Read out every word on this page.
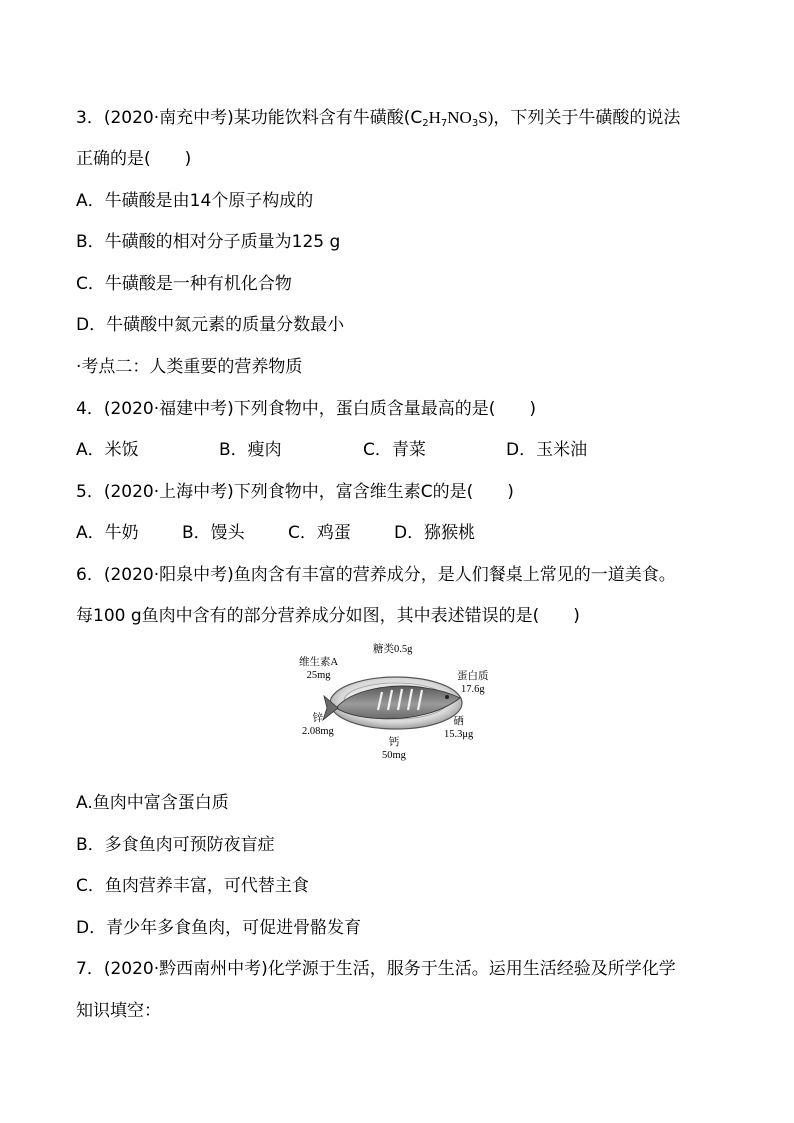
3．(2020·南充中考)某功能饮料含有牛磺酸$(C_2H_7NO_3S)$，下列关于牛磺酸的说法
正确的是(　　)
A．牛磺酸是由14个原子构成的
B．牛磺酸的相对分子质量为125 g
C．牛磺酸是一种有机化合物
D．牛磺酸中氮元素的质量分数最小
·考点二：人类重要的营养物质
4．(2020·福建中考)下列食物中，蛋白质含量最高的是(　　)
A．米饭	B．瘦肉	C．青菜	D．玉米油
5．(2020·上海中考)下列食物中，富含维生素C的是(　　)
A．牛奶	B．馒头	C．鸡蛋	D．猕猴桃
6．(2020·阳泉中考)鱼肉含有丰富的营养成分，是人们餐桌上常见的一道美食。
每100 g鱼肉中含有的部分营养成分如图，其中表述错误的是(　　)
糖类0.5g
维生素A
25mg	蛋白质
17.6g
锌
2.08mg
硒
15.3μg
钙
50mg
A.鱼肉中富含蛋白质
B．多食鱼肉可预防夜盲症
C．鱼肉营养丰富，可代替主食
D．青少年多食鱼肉，可促进骨骼发育
7．(2020·黔西南州中考)化学源于生活，服务于生活。运用生活经验及所学化学
知识填空：
